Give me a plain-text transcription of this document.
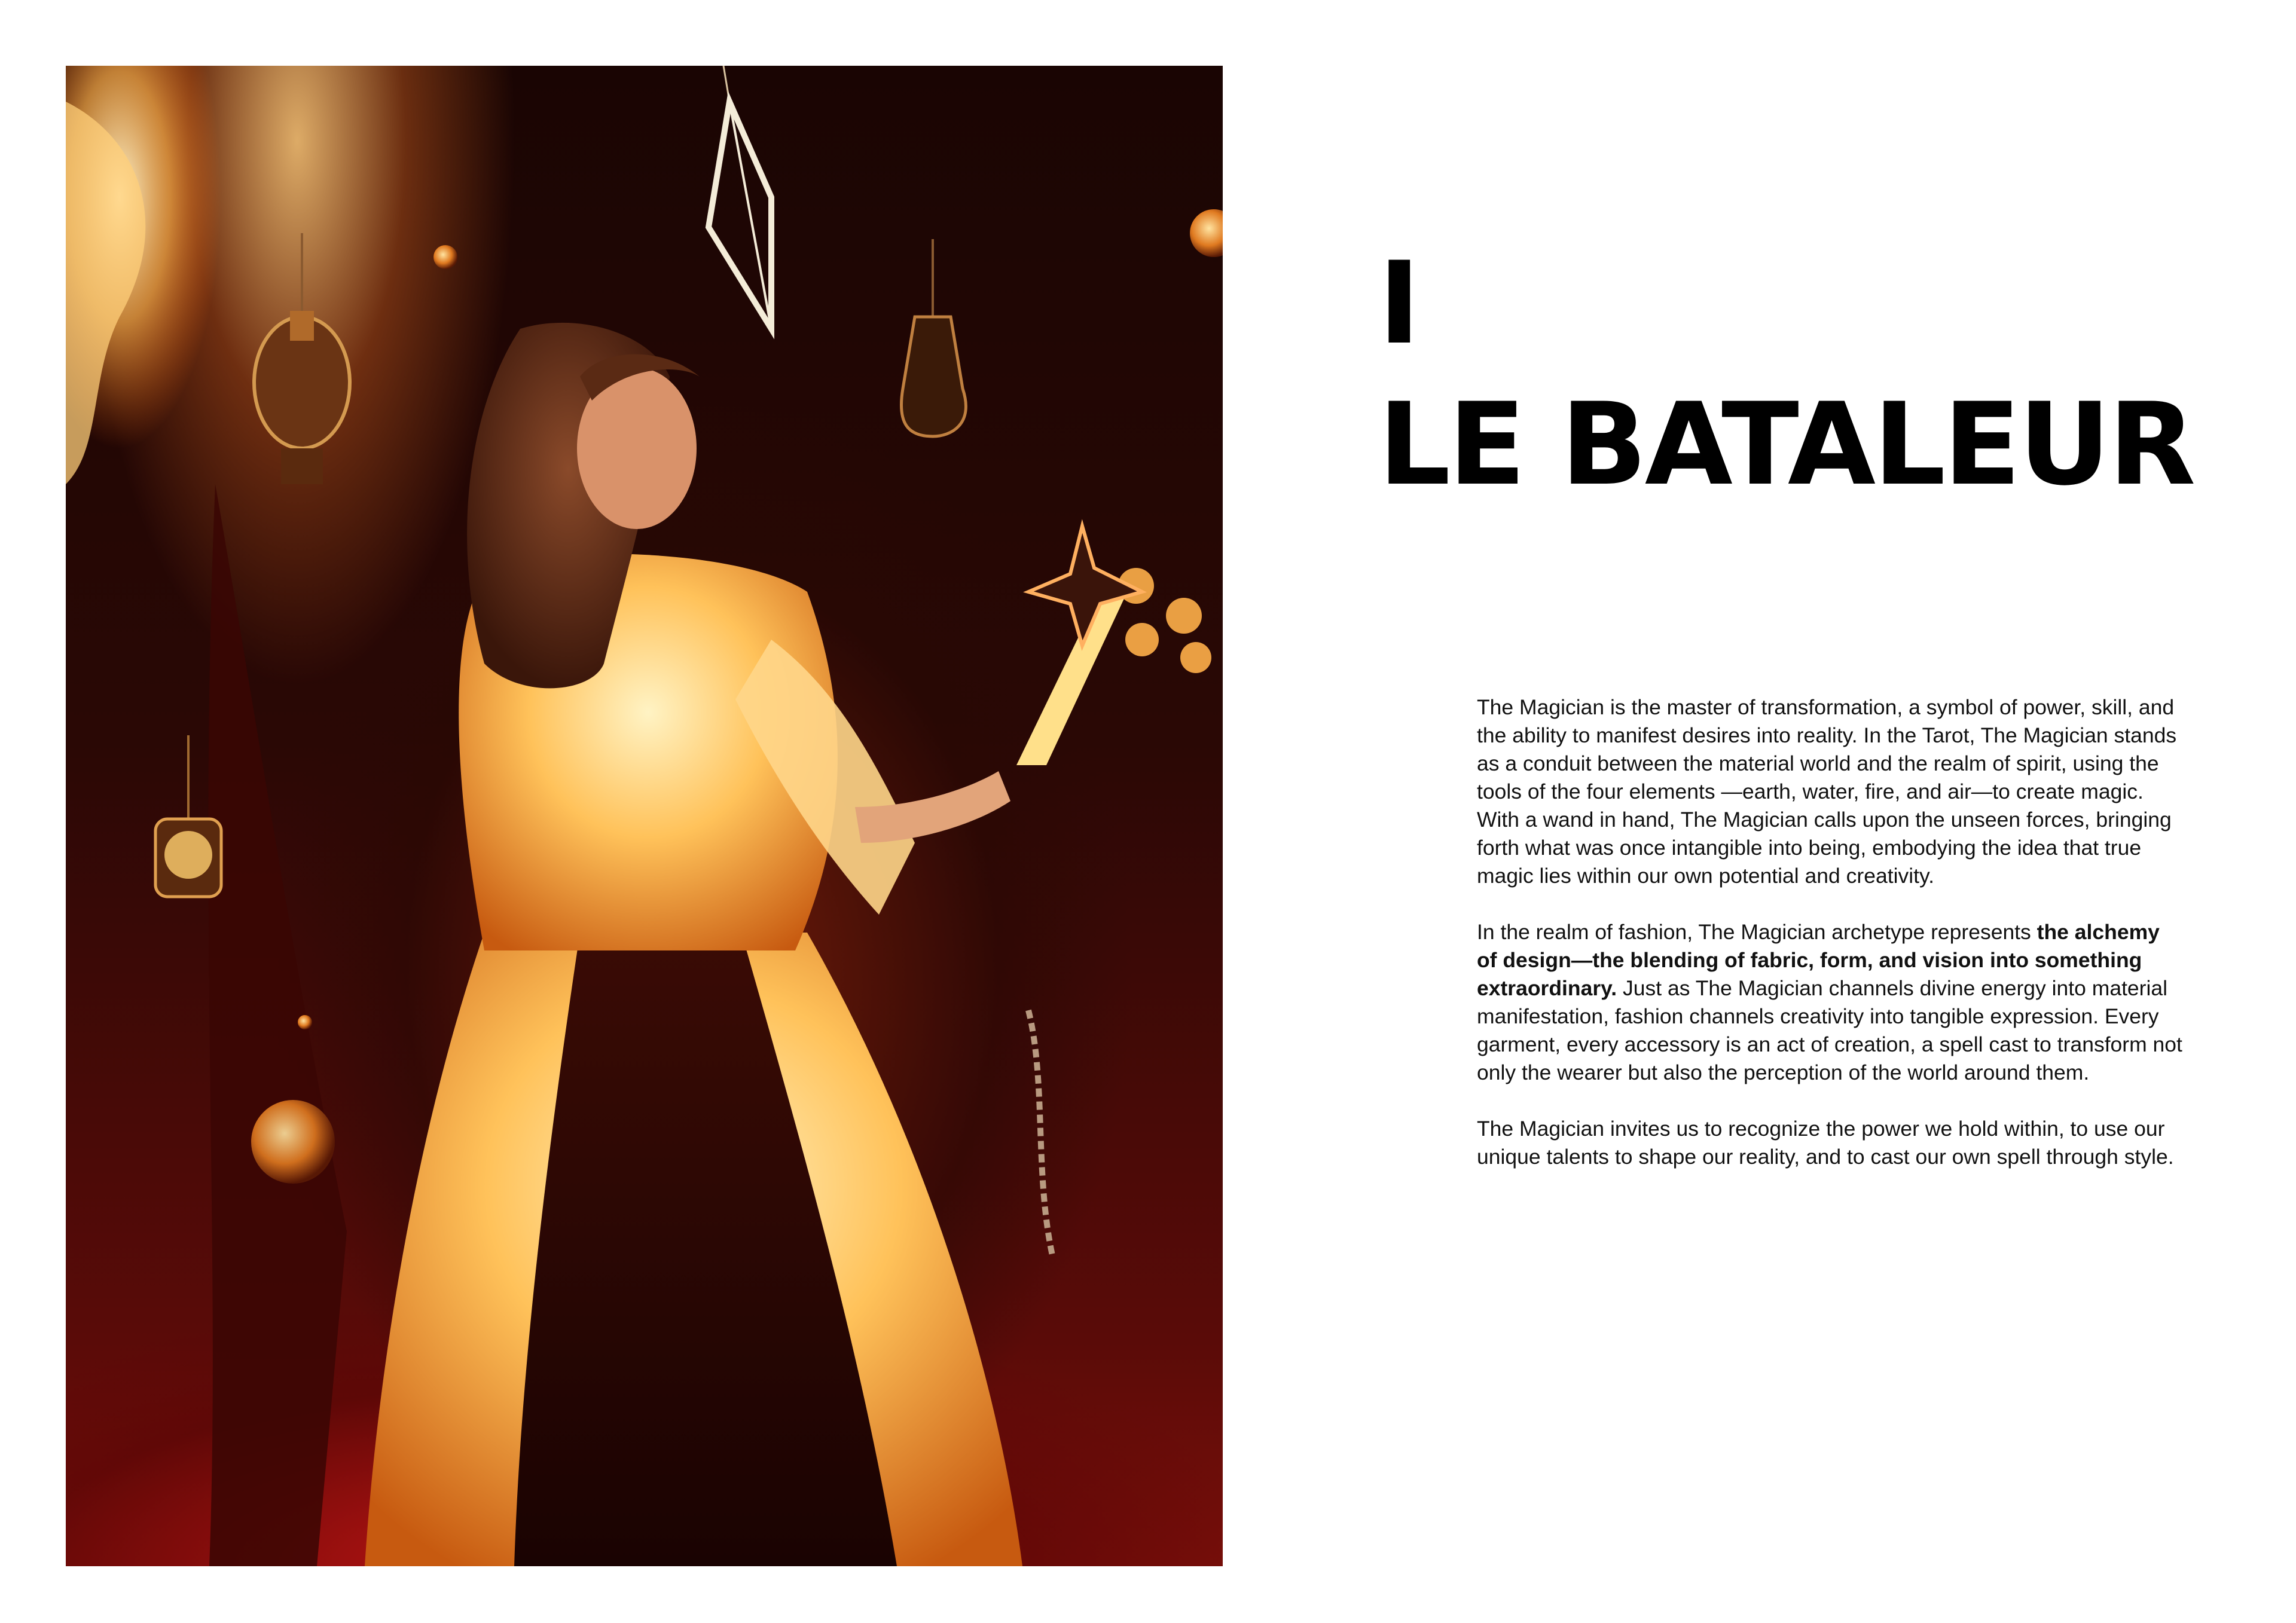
I
LE BATALEUR

The Magician is the master of transformation, a symbol of power, skill, and the ability to manifest desires into reality. In the Tarot, The Magician stands as a conduit between the material world and the realm of spirit, using the tools of the four elements —earth, water, fire, and air—to create magic. With a wand in hand, The Magician calls upon the unseen forces, bringing forth what was once intangible into being, embodying the idea that true magic lies within our own potential and creativity.

In the realm of fashion, The Magician archetype represents the alchemy of design—the blending of fabric, form, and vision into something extraordinary. Just as The Magician channels divine energy into material manifestation, fashion channels creativity into tangible expression. Every garment, every accessory is an act of creation, a spell cast to transform not only the wearer but also the perception of the world around them.

The Magician invites us to recognize the power we hold within, to use our unique talents to shape our reality, and to cast our own spell through style.
